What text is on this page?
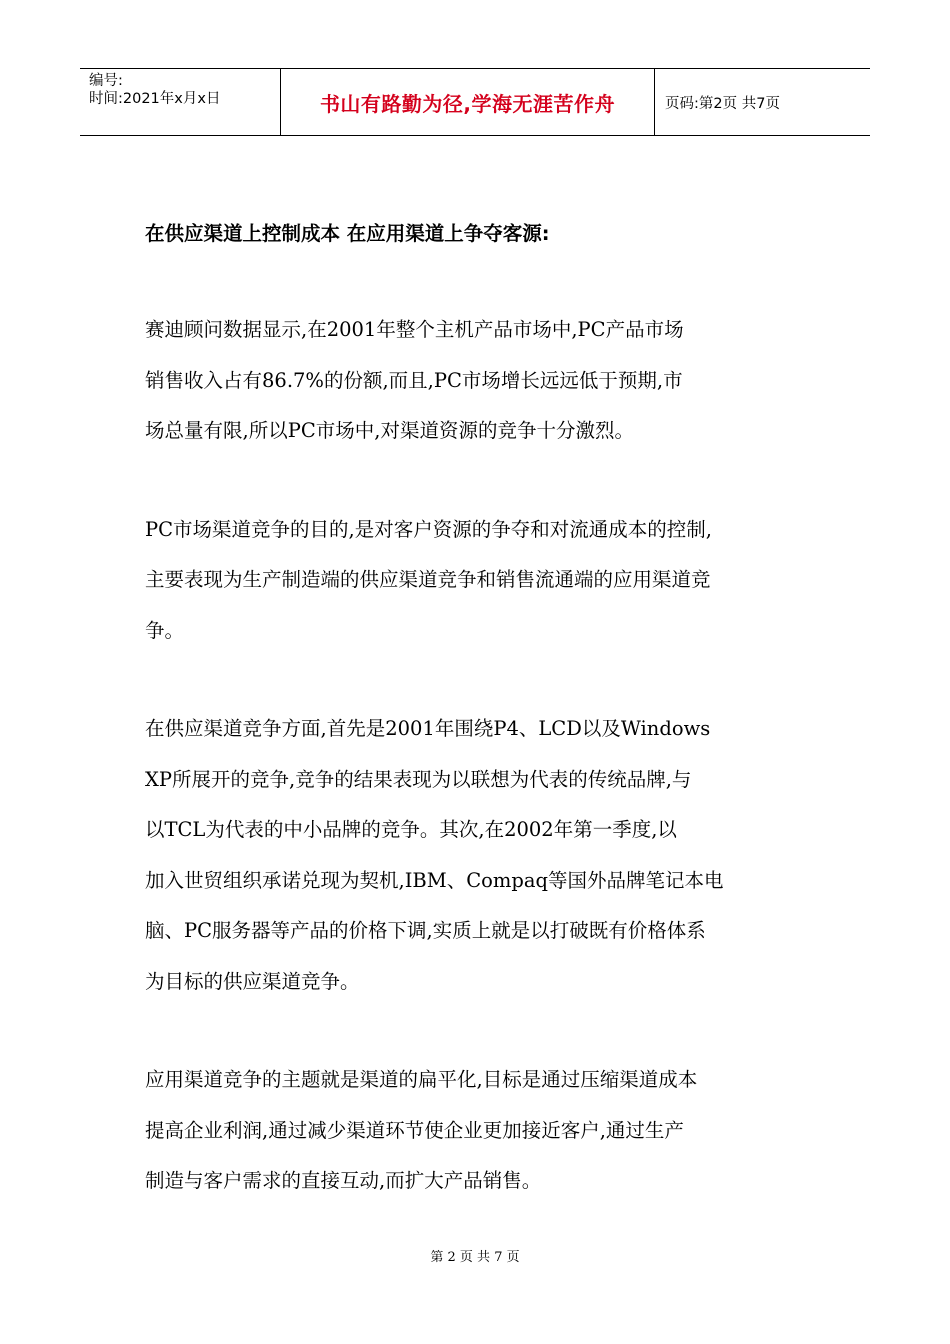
编号:
时间:2021年x月x日	书山有路勤为径,学海无涯苦作舟	页码:第2页 共7页

在供应渠道上控制成本 在应用渠道上争夺客源:

赛迪顾问数据显示,在2001年整个主机产品市场中,PC产品市场
销售收入占有86.7%的份额,而且,PC市场增长远远低于预期,市
场总量有限,所以PC市场中,对渠道资源的竞争十分激烈。

PC市场渠道竞争的目的,是对客户资源的争夺和对流通成本的控制,
主要表现为生产制造端的供应渠道竞争和销售流通端的应用渠道竞
争。

在供应渠道竞争方面,首先是2001年围绕P4、LCD以及Windows
XP所展开的竞争,竞争的结果表现为以联想为代表的传统品牌,与
以TCL为代表的中小品牌的竞争。其次,在2002年第一季度,以
加入世贸组织承诺兑现为契机,IBM、Compaq等国外品牌笔记本电
脑、PC服务器等产品的价格下调,实质上就是以打破既有价格体系
为目标的供应渠道竞争。

应用渠道竞争的主题就是渠道的扁平化,目标是通过压缩渠道成本
提高企业利润,通过减少渠道环节使企业更加接近客户,通过生产
制造与客户需求的直接互动,而扩大产品销售。

第 2 页 共 7 页
